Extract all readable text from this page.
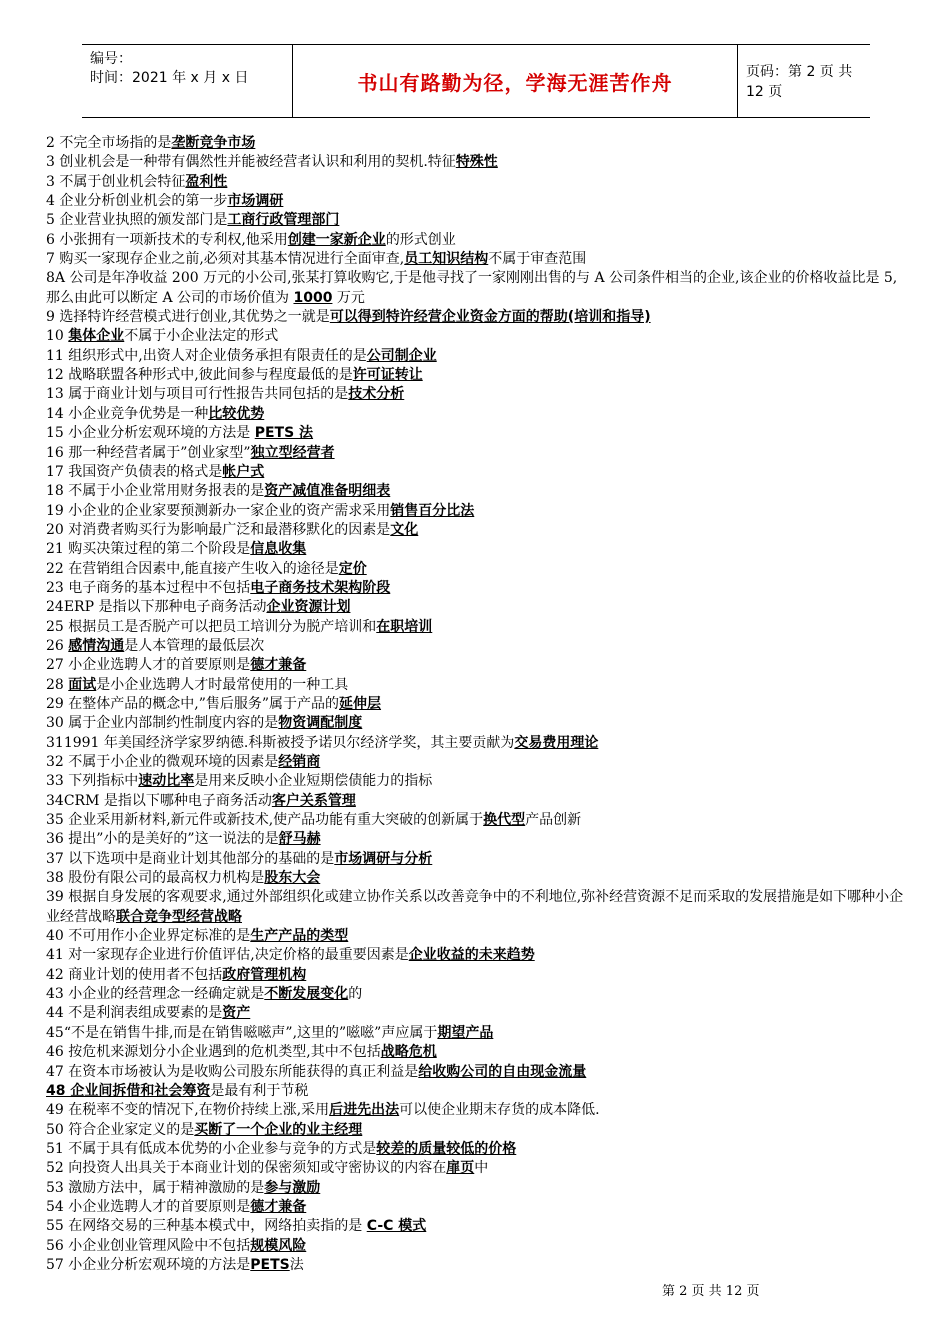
编号：
时间：2021 年 x 月 x 日	书山有路勤为径，学海无涯苦作舟	页码：第 2 页 共 12 页
2 不完全市场指的是垄断竞争市场
3 创业机会是一种带有偶然性并能被经营者认识和利用的契机.特征特殊性
3 不属于创业机会特征盈利性
4 企业分析创业机会的第一步市场调研
5 企业营业执照的颁发部门是工商行政管理部门
6 小张拥有一项新技术的专利权,他采用创建一家新企业的形式创业
7 购买一家现存企业之前,必须对其基本情况进行全面审查,员工知识结构不属于审查范围
8A 公司是年净收益 200 万元的小公司,张某打算收购它,于是他寻找了一家刚刚出售的与 A 公司条件相当的企业,该企业的价格收益比是 5,那么由此可以断定 A 公司的市场价值为 1000 万元
9 选择特许经营模式进行创业,其优势之一就是可以得到特许经营企业资金方面的帮助(培训和指导)
10 集体企业不属于小企业法定的形式
11 组织形式中,出资人对企业债务承担有限责任的是公司制企业
12 战略联盟各种形式中,彼此间参与程度最低的是许可证转让
13 属于商业计划与项目可行性报告共同包括的是技术分析
14 小企业竞争优势是一种比较优势
15 小企业分析宏观环境的方法是 PETS 法
16 那一种经营者属于”创业家型”独立型经营者
17 我国资产负债表的格式是帐户式
18 不属于小企业常用财务报表的是资产减值准备明细表
19 小企业的企业家要预测新办一家企业的资产需求采用销售百分比法
20 对消费者购买行为影响最广泛和最潜移默化的因素是文化
21 购买决策过程的第二个阶段是信息收集
22 在营销组合因素中,能直接产生收入的途径是定价
23 电子商务的基本过程中不包括电子商务技术架构阶段
24ERP 是指以下那种电子商务活动企业资源计划
25 根据员工是否脱产可以把员工培训分为脱产培训和在职培训
26 感情沟通是人本管理的最低层次
27 小企业选聘人才的首要原则是德才兼备
28 面试是小企业选聘人才时最常使用的一种工具
29 在整体产品的概念中,”售后服务”属于产品的延伸层
30 属于企业内部制约性制度内容的是物资调配制度
311991 年美国经济学家罗纳德.科斯被授予诺贝尔经济学奖，其主要贡献为交易费用理论
32 不属于小企业的微观环境的因素是经销商
33 下列指标中速动比率是用来反映小企业短期偿债能力的指标
34CRM 是指以下哪种电子商务活动客户关系管理
35 企业采用新材料,新元件或新技术,使产品功能有重大突破的创新属于换代型产品创新
36 提出”小的是美好的”这一说法的是舒马赫
37 以下选项中是商业计划其他部分的基础的是市场调研与分析
38 股份有限公司的最高权力机构是股东大会
39 根据自身发展的客观要求,通过外部组织化或建立协作关系以改善竞争中的不利地位,弥补经营资源不足而采取的发展措施是如下哪种小企业经营战略联合竞争型经营战略
40 不可用作小企业界定标准的是生产产品的类型
41 对一家现存企业进行价值评估,决定价格的最重要因素是企业收益的未来趋势
42 商业计划的使用者不包括政府管理机构
43 小企业的经营理念一经确定就是不断发展变化的
44 不是利润表组成要素的是资产
45“不是在销售牛排,而是在销售嗞嗞声”,这里的”嗞嗞”声应属于期望产品
46 按危机来源划分小企业遇到的危机类型,其中不包括战略危机
47 在资本市场被认为是收购公司股东所能获得的真正利益是给收购公司的自由现金流量
48 企业间拆借和社会筹资是最有利于节税
49 在税率不变的情况下,在物价持续上涨,采用后进先出法可以使企业期末存货的成本降低.
50 符合企业家定义的是买断了一个企业的业主经理
51 不属于具有低成本优势的小企业参与竞争的方式是较差的质量较低的价格
52 向投资人出具关于本商业计划的保密须知或守密协议的内容在扉页中
53 激励方法中，属于精神激励的是参与激励
54 小企业选聘人才的首要原则是德才兼备
55 在网络交易的三种基本模式中，网络拍卖指的是 C-C 模式
56 小企业创业管理风险中不包括规模风险
57 小企业分析宏观环境的方法是PETS法
第 2 页 共 12 页
